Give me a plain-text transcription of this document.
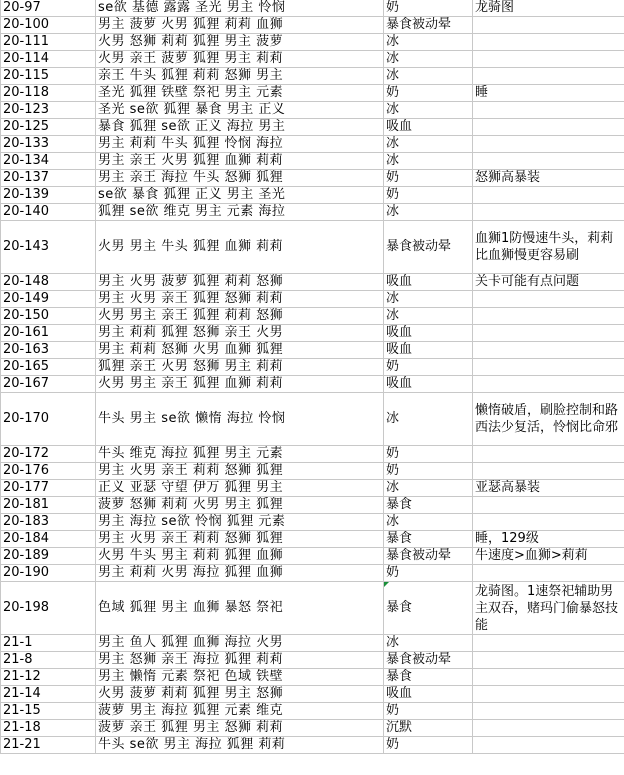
20-97	se欲 基德 露露 圣光 男主 怜悯	奶	龙骑图
20-100	男主 菠萝 火男 狐狸 莉莉 血狮	暴食被动晕	
20-111	火男 怒狮 莉莉 狐狸 男主 菠萝	冰	
20-114	火男 亲王 菠萝 狐狸 男主 莉莉	冰	
20-115	亲王 牛头 狐狸 莉莉 怒狮 男主	冰	
20-118	圣光 狐狸 铁壁 祭祀 男主 元素	奶	睡
20-123	圣光 se欲 狐狸 暴食 男主 正义	冰	
20-125	暴食 狐狸 se欲 正义 海拉 男主	吸血	
20-133	男主 莉莉 牛头 狐狸 怜悯 海拉	冰	
20-134	男主 亲王 火男 狐狸 血狮 莉莉	冰	
20-137	男主 亲王 海拉 牛头 怒狮 狐狸	奶	怒狮高暴装
20-139	se欲 暴食 狐狸 正义 男主 圣光	奶	
20-140	狐狸 se欲 维克 男主 元素 海拉	冰	
20-143	火男 男主 牛头 狐狸 血狮 莉莉	暴食被动晕	血狮1防慢速牛头，莉莉比血狮慢更容易刷
20-148	男主 火男 菠萝 狐狸 莉莉 怒狮	吸血	关卡可能有点问题
20-149	男主 火男 亲王 狐狸 怒狮 莉莉	冰	
20-150	火男 男主 亲王 狐狸 莉莉 怒狮	冰	
20-161	男主 莉莉 狐狸 怒狮 亲王 火男	吸血	
20-163	男主 莉莉 怒狮 火男 血狮 狐狸	吸血	
20-165	狐狸 亲王 火男 怒狮 男主 莉莉	奶	
20-167	火男 男主 亲王 狐狸 血狮 莉莉	吸血	
20-170	牛头 男主 se欲 懒惰 海拉 怜悯	冰	懒惰破盾，刷脸控制和路西法少复活，怜悯比命邪
20-172	牛头 维克 海拉 狐狸 男主 元素	奶	
20-176	男主 火男 亲王 莉莉 怒狮 狐狸	奶	
20-177	正义 亚瑟 守望 伊万 狐狸 男主	冰	亚瑟高暴装
20-181	菠萝 怒狮 莉莉 火男 男主 狐狸	暴食	
20-183	男主 海拉 se欲 怜悯 狐狸 元素	冰	
20-184	男主 火男 亲王 莉莉 怒狮 狐狸	暴食	睡，129级
20-189	火男 牛头 男主 莉莉 狐狸 血狮	暴食被动晕	牛速度>血狮>莉莉
20-190	男主 莉莉 火男 海拉 狐狸 血狮	奶	
20-198	色域 狐狸 男主 血狮 暴怒 祭祀	暴食	龙骑图。1速祭祀辅助男主双吞，赌玛门偷暴怒技能
21-1	男主 鱼人 狐狸 血狮 海拉 火男	冰	
21-8	男主 怒狮 亲王 海拉 狐狸 莉莉	暴食被动晕	
21-12	男主 懒惰 元素 祭祀 色域 铁壁	暴食	
21-14	火男 菠萝 莉莉 狐狸 男主 怒狮	吸血	
21-15	菠萝 男主 海拉 狐狸 元素 维克	奶	
21-18	菠萝 亲王 狐狸 男主 怒狮 莉莉	沉默	
21-21	牛头 se欲 男主 海拉 狐狸 莉莉	奶	
